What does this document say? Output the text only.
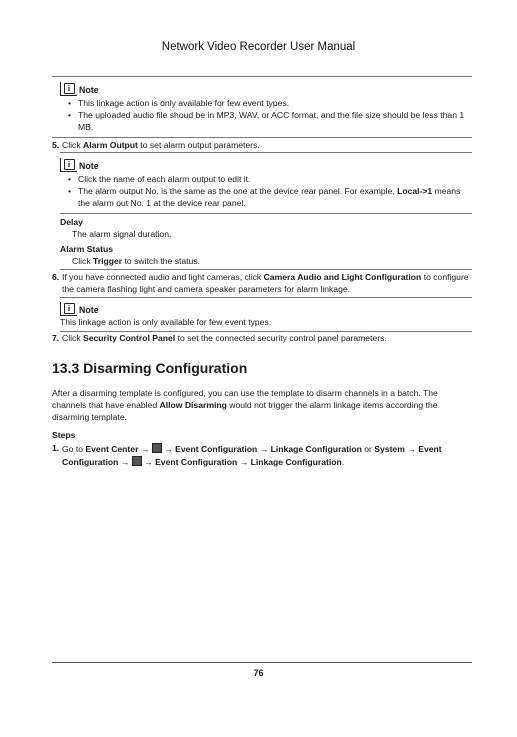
Network Video Recorder User Manual
i	Note
• This linkage action is only available for few event types.
• The uploaded audio file shoud be in MP3, WAV, or ACC format, and the file size should be less than 1 MB.
5. Click Alarm Output to set alarm output parameters.
i	Note
• Click the name of each alarm output to edit it.
• The alarm output No. is the same as the one at the device rear panel. For example, Local->1 means the alarm out No. 1 at the device rear panel.
Delay
The alarm signal duration.
Alarm Status
Click Trigger to switch the status.
6. If you have connected audio and light cameras, click Camera Audio and Light Configuration to configure the camera flashing light and camera speaker parameters for alarm linkage.
i	Note
This linkage action is only available for few event types.
7. Click Security Control Panel to set the connected security control panel parameters.
13.3 Disarming Configuration
After a disarming template is configured, you can use the template to disarm channels in a batch. The channels that have enabled Allow Disarming would not trigger the alarm linkage items according the disarming template.
Steps
1. Go to Event Center → → Event Configuration → Linkage Configuration or System → Event Configuration → → Event Configuration → Linkage Configuration.
76
